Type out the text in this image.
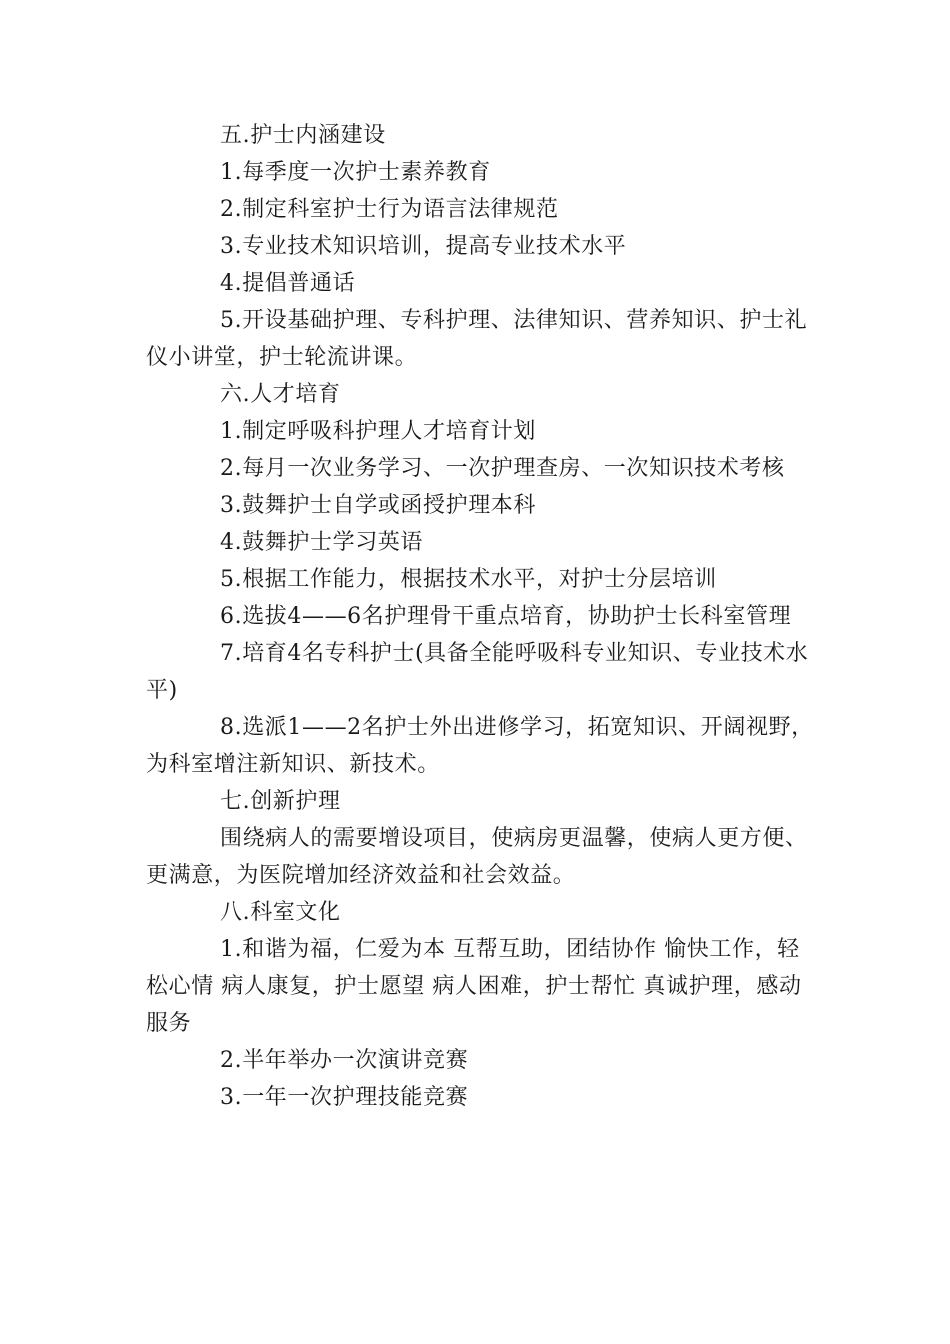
五.护士内涵建设

1.每季度一次护士素养教育

2.制定科室护士行为语言法律规范

3.专业技术知识培训，提高专业技术水平

4.提倡普通话

5.开设基础护理、专科护理、法律知识、营养知识、护士礼仪小讲堂，护士轮流讲课。

六.人才培育

1.制定呼吸科护理人才培育计划

2.每月一次业务学习、一次护理查房、一次知识技术考核

3.鼓舞护士自学或函授护理本科

4.鼓舞护士学习英语

5.根据工作能力，根据技术水平，对护士分层培训

6.选拔4——6名护理骨干重点培育，协助护士长科室管理

7.培育4名专科护士(具备全能呼吸科专业知识、专业技术水平)

8.选派1——2名护士外出进修学习，拓宽知识、开阔视野，为科室增注新知识、新技术。

七.创新护理

围绕病人的需要增设项目，使病房更温馨，使病人更方便、更满意，为医院增加经济效益和社会效益。

八.科室文化

1.和谐为福，仁爱为本 互帮互助，团结协作 愉快工作，轻松心情 病人康复，护士愿望 病人困难，护士帮忙 真诚护理，感动服务

2.半年举办一次演讲竞赛

3.一年一次护理技能竞赛
